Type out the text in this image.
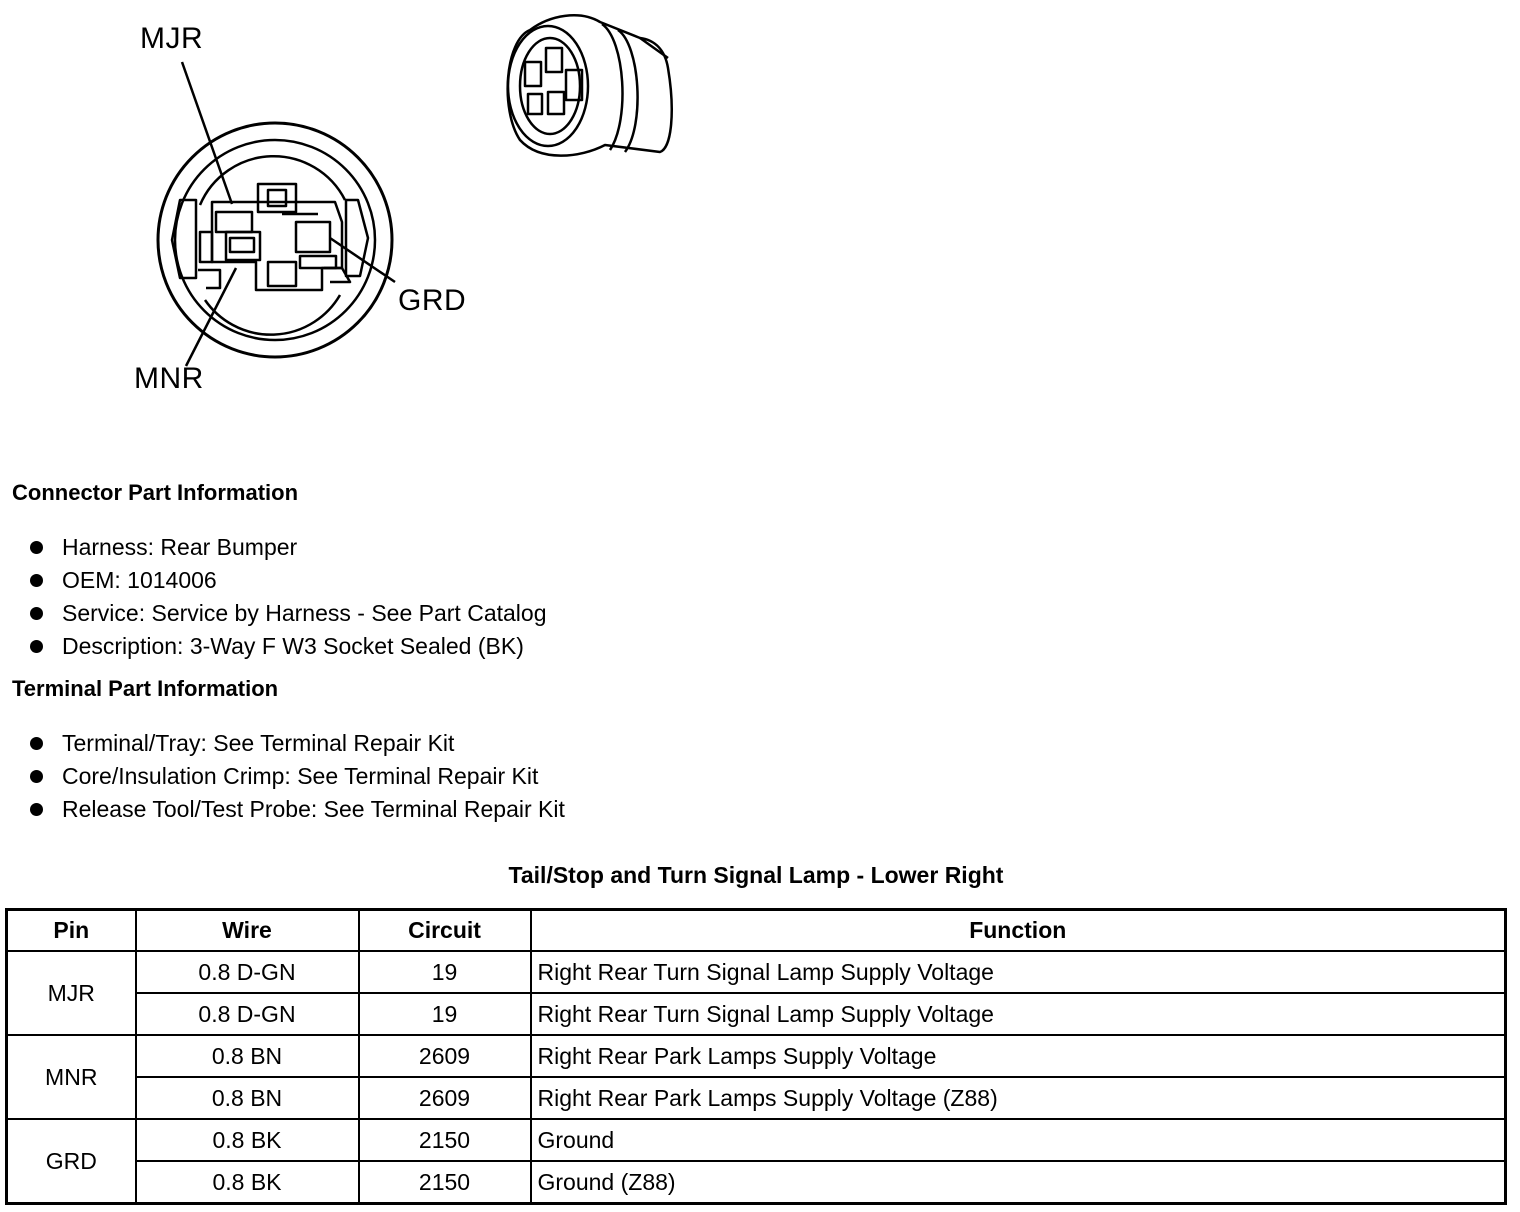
MJR
GRD
MNR
Connector Part Information
Harness: Rear Bumper
OEM: 1014006
Service: Service by Harness - See Part Catalog
Description: 3-Way F W3 Socket Sealed (BK)
Terminal Part Information
Terminal/Tray: See Terminal Repair Kit
Core/Insulation Crimp: See Terminal Repair Kit
Release Tool/Test Probe: See Terminal Repair Kit
Tail/Stop and Turn Signal Lamp - Lower Right
Pin	Wire	Circuit	Function
MJR	0.8 D-GN	19	Right Rear Turn Signal Lamp Supply Voltage
	0.8 D-GN	19	Right Rear Turn Signal Lamp Supply Voltage
MNR	0.8 BN	2609	Right Rear Park Lamps Supply Voltage
	0.8 BN	2609	Right Rear Park Lamps Supply Voltage (Z88)
GRD	0.8 BK	2150	Ground
	0.8 BK	2150	Ground (Z88)
